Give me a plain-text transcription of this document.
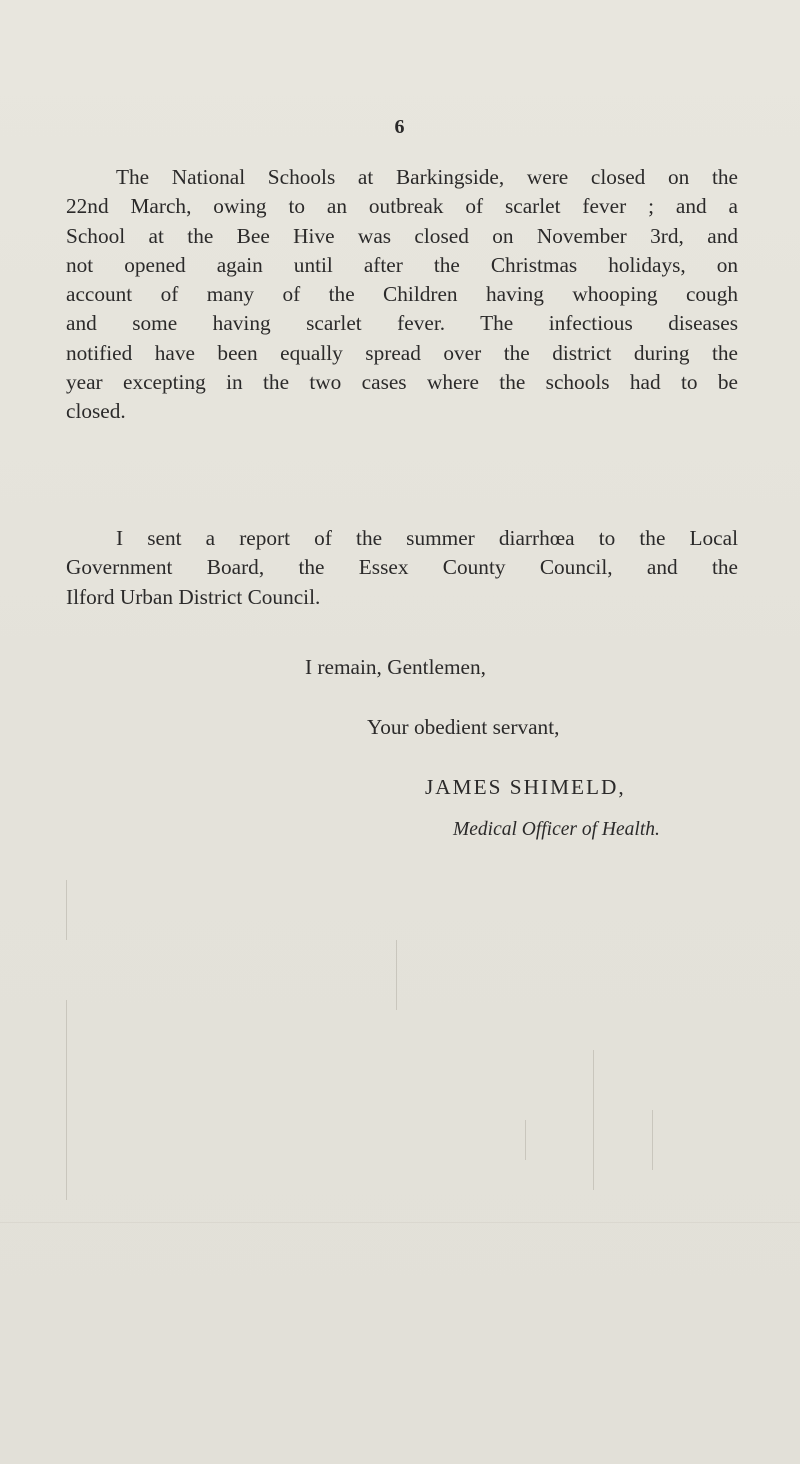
6
The National Schools at Barkingside, were closed on the
22nd March, owing to an outbreak of scarlet fever ; and a
School at the Bee Hive was closed on November 3rd, and
not opened again until after the Christmas holidays, on
account of many of the Children having whooping cough
and some having scarlet fever. The infectious diseases
notified have been equally spread over the district during the
year excepting in the two cases where the schools had to be
closed.
I sent a report of the summer diarrhœa to the Local
Government Board, the Essex County Council, and the
Ilford Urban District Council.
I remain, Gentlemen,
Your obedient servant,
JAMES SHIMELD,
Medical Officer of Health.
